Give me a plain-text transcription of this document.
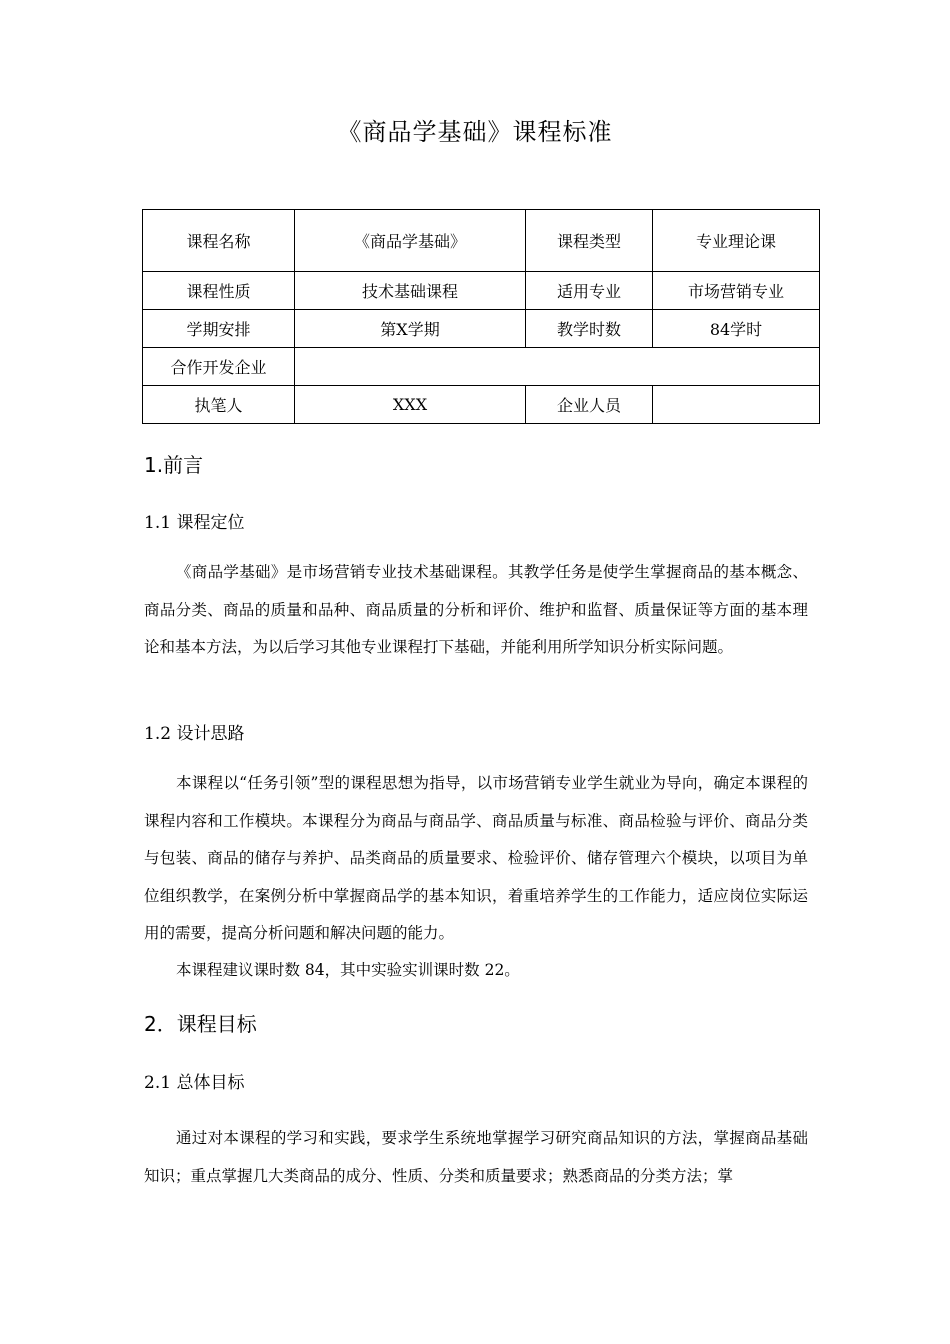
《商品学基础》课程标准
课程名称	《商品学基础》	课程类型	专业理论课
课程性质	技术基础课程	适用专业	市场营销专业
学期安排	第X学期	教学时数	84学时
合作开发企业			
执笔人	XXX	企业人员	
1.前言
1.1 课程定位

《商品学基础》是市场营销专业技术基础课程。其教学任务是使学生掌握商品的基本概念、商品分类、商品的质量和品种、商品质量的分析和评价、维护和监督、质量保证等方面的基本理论和基本方法，为以后学习其他专业课程打下基础，并能利用所学知识分析实际问题。

1.2 设计思路

本课程以“任务引领”型的课程思想为指导，以市场营销专业学生就业为导向，确定本课程的课程内容和工作模块。本课程分为商品与商品学、商品质量与标准、商品检验与评价、商品分类与包装、商品的储存与养护、品类商品的质量要求、检验评价、储存管理六个模块，以项目为单位组织教学，在案例分析中掌握商品学的基本知识，着重培养学生的工作能力，适应岗位实际运用的需要，提高分析问题和解决问题的能力。

本课程建议课时数 84，其中实验实训课时数 22。

2．课程目标
2.1 总体目标

通过对本课程的学习和实践，要求学生系统地掌握学习研究商品知识的方法，掌握商品基础知识；重点掌握几大类商品的成分、性质、分类和质量要求；熟悉商品的分类方法；掌
